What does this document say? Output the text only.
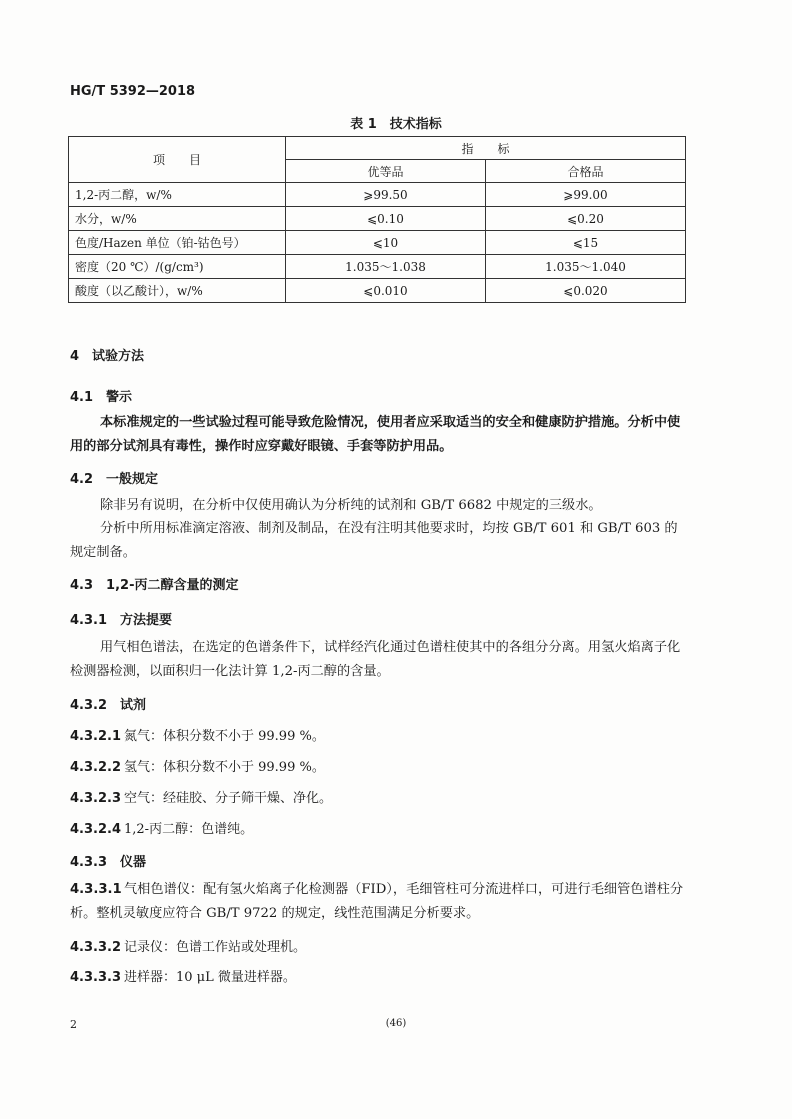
HG/T 5392—2018
表 1　技术指标
项　　目	指　　标	
	优等品	合格品
1,2-丙二醇，w/%	⩾99.50	⩾99.00
水分，w/%	⩽0.10	⩽0.20
色度/Hazen 单位（铂-钴色号）	⩽10	⩽15
密度（20 ℃）/(g/cm³)	1.035～1.038	1.035～1.040
酸度（以乙酸计），w/%	⩽0.010	⩽0.020
4　试验方法
4.1　 警示
本标准规定的一些试验过程可能导致危险情况，使用者应采取适当的安全和健康防护措施。分析中使用的部分试剂具有毒性，操作时应穿戴好眼镜、手套等防护用品。
4.2　 一般规定
除非另有说明，在分析中仅使用确认为分析纯的试剂和 GB/T 6682 中规定的三级水。
分析中所用标准滴定溶液、制剂及制品，在没有注明其他要求时，均按 GB/T 601 和 GB/T 603 的规定制备。
4.3　 1,2-丙二醇含量的测定
4.3.1　 方法提要
用气相色谱法，在选定的色谱条件下，试样经汽化通过色谱柱使其中的各组分分离。用氢火焰离子化检测器检测，以面积归一化法计算 1,2-丙二醇的含量。
4.3.2　 试剂
4.3.2.1 氮气：体积分数不小于 99.99 %。
4.3.2.2 氢气：体积分数不小于 99.99 %。
4.3.2.3 空气：经硅胶、分子筛干燥、净化。
4.3.2.4 1,2-丙二醇：色谱纯。
4.3.3　 仪器
4.3.3.1 气相色谱仪：配有氢火焰离子化检测器（FID），毛细管柱可分流进样口，可进行毛细管色谱柱分析。整机灵敏度应符合 GB/T 9722 的规定，线性范围满足分析要求。
4.3.3.2 记录仪：色谱工作站或处理机。
4.3.3.3 进样器：10 μL 微量进样器。
2	(46)
